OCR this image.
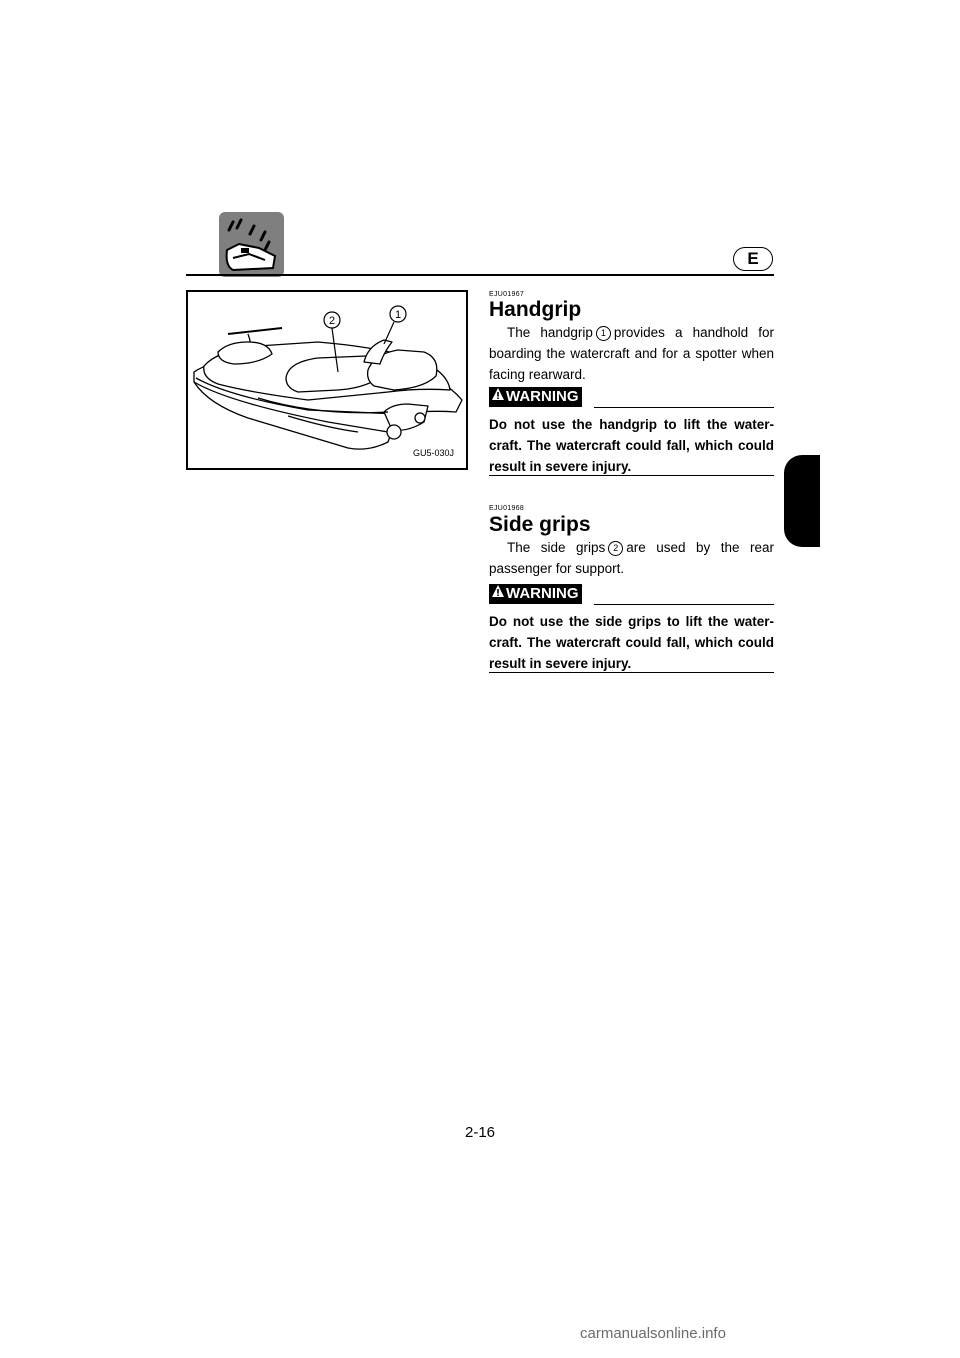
E
2	1
GU5-030J
EJU01967
Handgrip
The handgrip 1 provides a handhold for boarding the watercraft and for a spotter when facing rearward.
WARNING
Do not use the handgrip to lift the water-craft. The watercraft could fall, which could result in severe injury.
EJU01968
Side grips
The side grips 2 are used by the rear passenger for support.
WARNING
Do not use the side grips to lift the water-craft. The watercraft could fall, which could result in severe injury.
2-16
carmanualsonline.info
